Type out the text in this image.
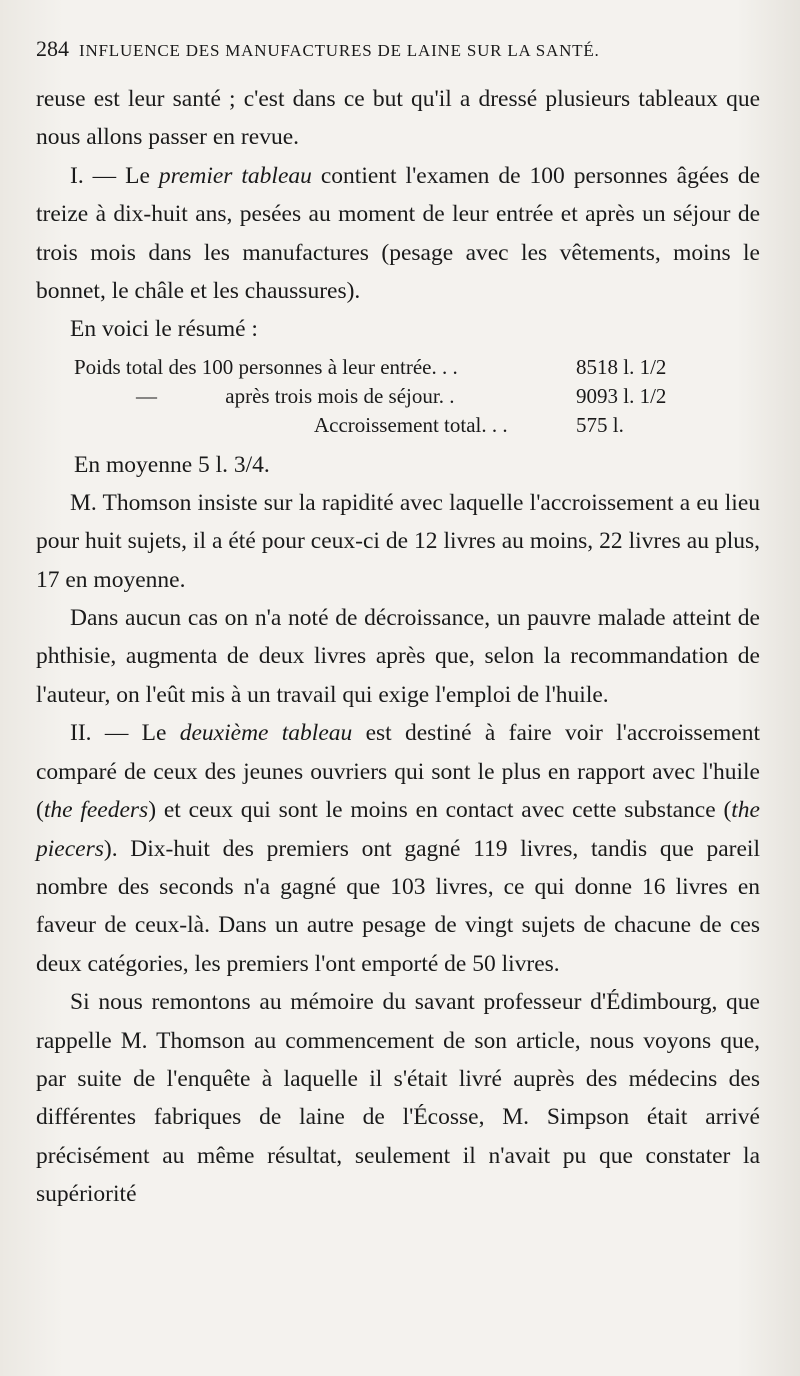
284 INFLUENCE DES MANUFACTURES DE LAINE SUR LA SANTÉ.

reuse est leur santé ; c'est dans ce but qu'il a dressé plusieurs tableaux que nous allons passer en revue.

I. — Le premier tableau contient l'examen de 100 personnes âgées de treize à dix-huit ans, pesées au moment de leur entrée et après un séjour de trois mois dans les manufactures (pesage avec les vêtements, moins le bonnet, le châle et les chaussures).

En voici le résumé :

Poids total des 100 personnes à leur entrée. . .	8518 l. 1/2
—	après trois mois de séjour. .	9093 l. 1/2
Accroissement total. . .	575 l.

En moyenne 5 l. 3/4.

M. Thomson insiste sur la rapidité avec laquelle l'accroissement a eu lieu pour huit sujets, il a été pour ceux-ci de 12 livres au moins, 22 livres au plus, 17 en moyenne.

Dans aucun cas on n'a noté de décroissance, un pauvre malade atteint de phthisie, augmenta de deux livres après que, selon la recommandation de l'auteur, on l'eût mis à un travail qui exige l'emploi de l'huile.

II. — Le deuxième tableau est destiné à faire voir l'accroissement comparé de ceux des jeunes ouvriers qui sont le plus en rapport avec l'huile (the feeders) et ceux qui sont le moins en contact avec cette substance (the piecers). Dix-huit des premiers ont gagné 119 livres, tandis que pareil nombre des seconds n'a gagné que 103 livres, ce qui donne 16 livres en faveur de ceux-là. Dans un autre pesage de vingt sujets de chacune de ces deux catégories, les premiers l'ont emporté de 50 livres.

Si nous remontons au mémoire du savant professeur d'Édimbourg, que rappelle M. Thomson au commencement de son article, nous voyons que, par suite de l'enquête à laquelle il s'était livré auprès des médecins des différentes fabriques de laine de l'Écosse, M. Simpson était arrivé précisément au même résultat, seulement il n'avait pu que constater la supériorité
